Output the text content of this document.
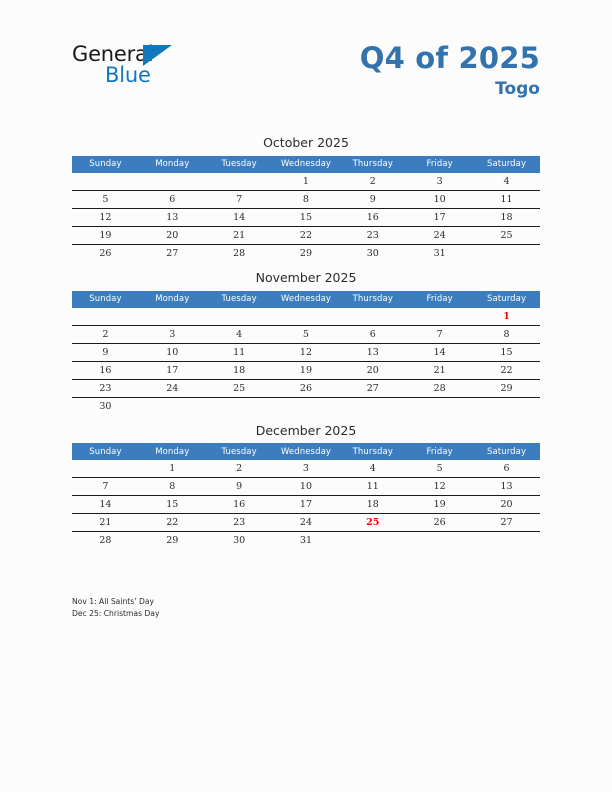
General
Blue	Q4 of 2025
Togo
October 2025
Sunday	Monday	Tuesday	Wednesday	Thursday	Friday	Saturday
			1	2	3	4
5	6	7	8	9	10	11
12	13	14	15	16	17	18
19	20	21	22	23	24	25
26	27	28	29	30	31	
November 2025
Sunday	Monday	Tuesday	Wednesday	Thursday	Friday	Saturday
						1
2	3	4	5	6	7	8
9	10	11	12	13	14	15
16	17	18	19	20	21	22
23	24	25	26	27	28	29
30						
December 2025
Sunday	Monday	Tuesday	Wednesday	Thursday	Friday	Saturday
	1	2	3	4	5	6
7	8	9	10	11	12	13
14	15	16	17	18	19	20
21	22	23	24	25	26	27
28	29	30	31			
Nov 1: All Saints’ Day
Dec 25: Christmas Day
